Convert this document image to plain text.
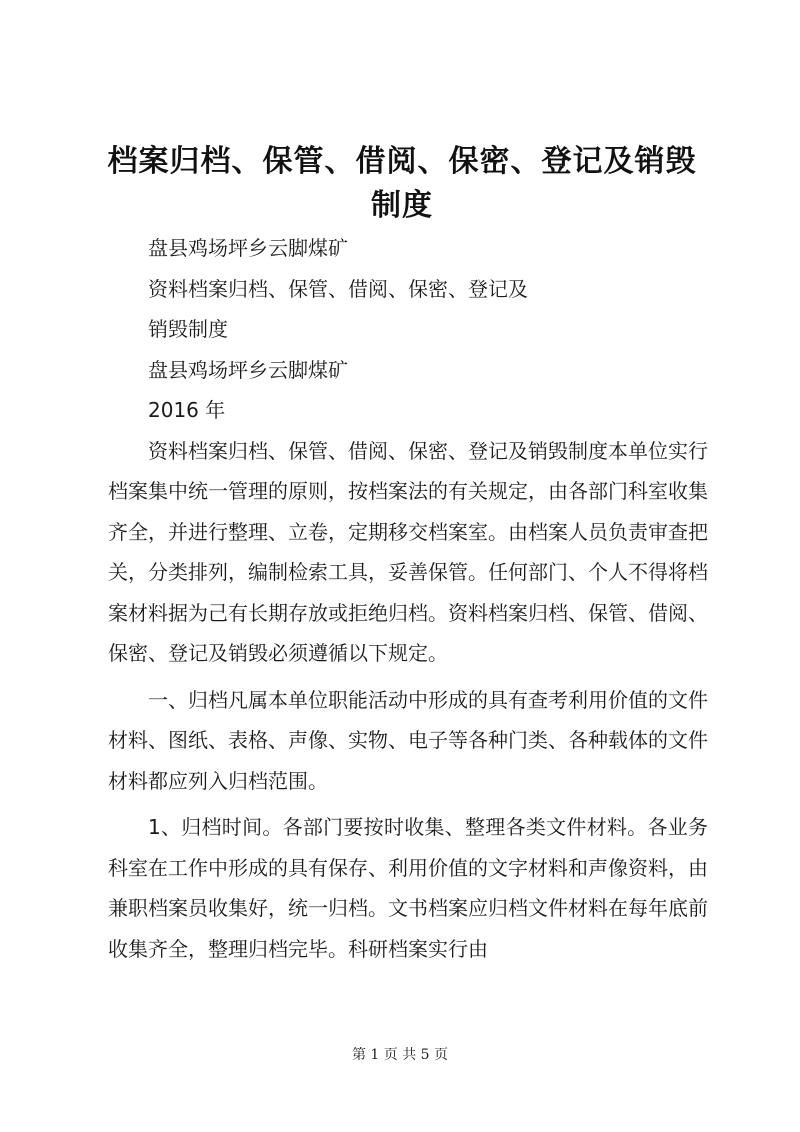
档案归档、保管、借阅、保密、登记及销毁制度
盘县鸡场坪乡云脚煤矿
资料档案归档、保管、借阅、保密、登记及
销毁制度
盘县鸡场坪乡云脚煤矿
2016 年

资料档案归档、保管、借阅、保密、登记及销毁制度本单位实行档案集中统一管理的原则，按档案法的有关规定，由各部门科室收集齐全，并进行整理、立卷，定期移交档案室。由档案人员负责审查把关，分类排列，编制检索工具，妥善保管。任何部门、个人不得将档案材料据为己有长期存放或拒绝归档。资料档案归档、保管、借阅、保密、登记及销毁必须遵循以下规定。

一、归档凡属本单位职能活动中形成的具有查考利用价值的文件材料、图纸、表格、声像、实物、电子等各种门类、各种载体的文件材料都应列入归档范围。

1、归档时间。各部门要按时收集、整理各类文件材料。各业务科室在工作中形成的具有保存、利用价值的文字材料和声像资料，由兼职档案员收集好，统一归档。文书档案应归档文件材料在每年底前收集齐全，整理归档完毕。科研档案实行由

第 1 页 共 5 页
